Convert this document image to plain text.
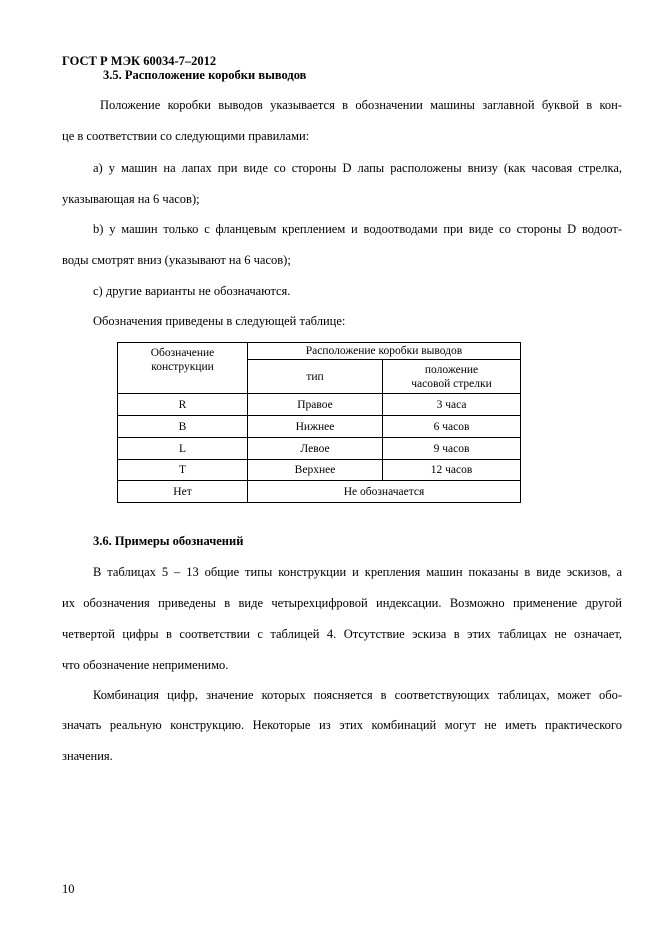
ГОСТ Р МЭК 60034-7–2012
3.5. Расположение коробки выводов

Положение коробки выводов указывается в обозначении машины заглавной буквой в кон-

це в соответствии со следующими правилами:

а) у машин на лапах при виде со стороны D лапы расположены внизу (как часовая стрелка,

указывающая на 6 часов);

b) у машин только с фланцевым креплением и водоотводами при виде со стороны D водоот-

воды смотрят вниз (указывают на 6 часов);

с) другие варианты не обозначаются.

Обозначения приведены в следующей таблице:

Обозначение
конструкции	Расположение коробки выводов	
	тип	положение
часовой стрелки
R	Правое	3 часа
B	Нижнее	6 часов
L	Левое	9 часов
T	Верхнее	12 часов
Нет	Не обозначается	
3.6. Примеры обозначений

В таблицах 5 – 13 общие типы конструкции и крепления машин показаны в виде эскизов, а

их обозначения приведены в виде четырехцифровой индексации. Возможно применение другой

четвертой цифры в соответствии с таблицей 4. Отсутствие эскиза в этих таблицах не означает,

что обозначение неприменимо.

Комбинация цифр, значение которых поясняется в соответствующих таблицах, может обо-

значать реальную конструкцию. Некоторые из этих комбинаций могут не иметь практического

значения.

10
